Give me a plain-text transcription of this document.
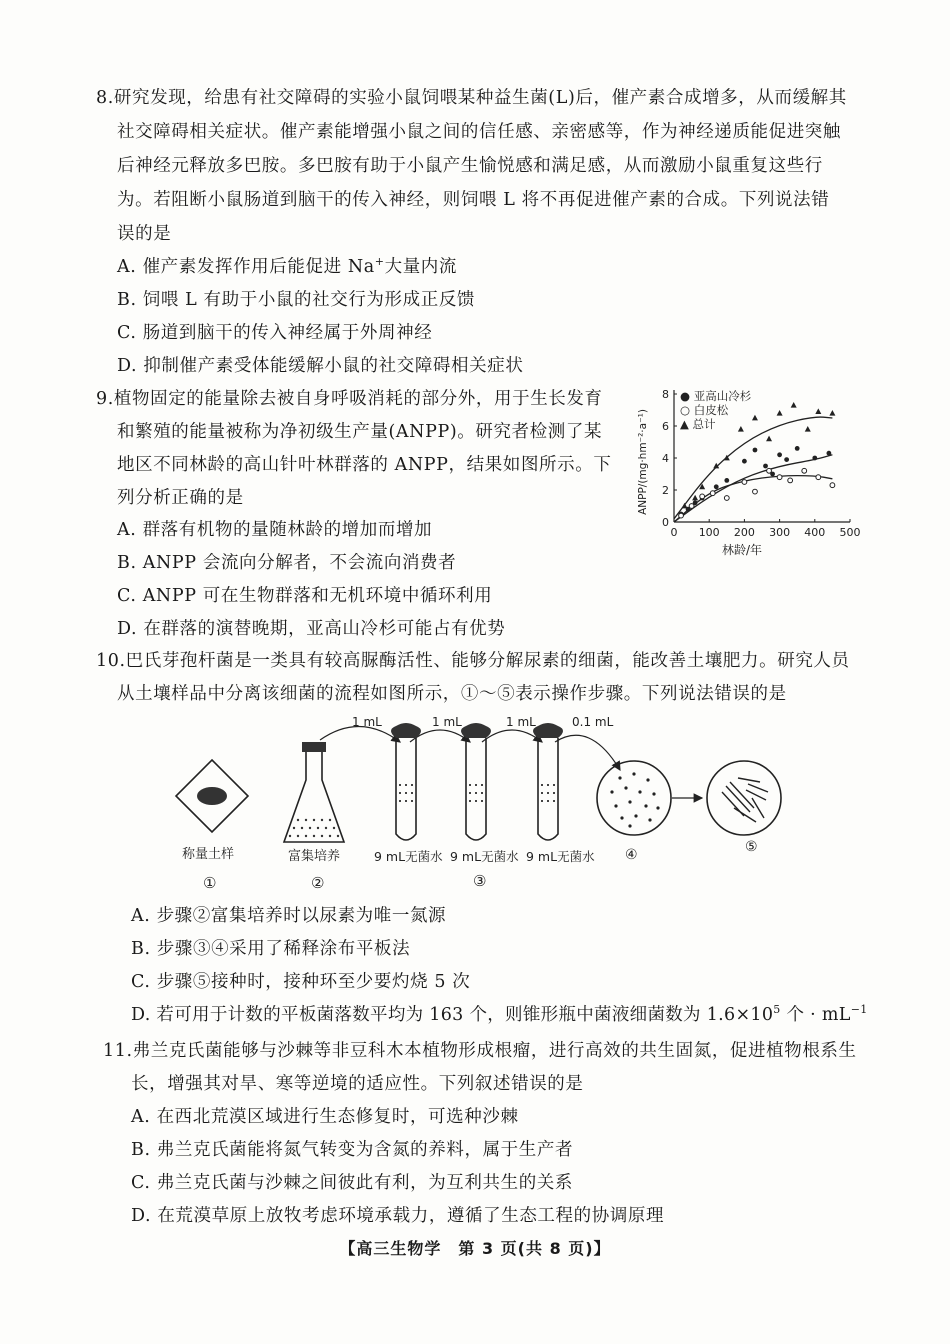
8.研究发现，给患有社交障碍的实验小鼠饲喂某种益生菌(L)后，催产素合成增多，从而缓解其
社交障碍相关症状。催产素能增强小鼠之间的信任感、亲密感等，作为神经递质能促进突触
后神经元释放多巴胺。多巴胺有助于小鼠产生愉悦感和满足感，从而激励小鼠重复这些行
为。若阻断小鼠肠道到脑干的传入神经，则饲喂 L 将不再促进催产素的合成。下列说法错
误的是
A. 催产素发挥作用后能促进 Na+大量内流
B. 饲喂 L 有助于小鼠的社交行为形成正反馈
C. 肠道到脑干的传入神经属于外周神经
D. 抑制催产素受体能缓解小鼠的社交障碍相关症状
9.植物固定的能量除去被自身呼吸消耗的部分外，用于生长发育
和繁殖的能量被称为净初级生产量(ANPP)。研究者检测了某
地区不同林龄的高山针叶林群落的 ANPP，结果如图所示。下
列分析正确的是
A. 群落有机物的量随林龄的增加而增加
B. ANPP 会流向分解者，不会流向消费者
C. ANPP 可在生物群落和无机环境中循环利用
D. 在群落的演替晚期，亚高山冷杉可能占有优势
0 100 200 300 400 500
0
2
4
6
8
林龄/年
ANPP/(mg·hm⁻²·a⁻¹)
● 亚高山冷杉
○ 白皮松
▲ 总计
10.巴氏芽孢杆菌是一类具有较高脲酶活性、能够分解尿素的细菌，能改善土壤肥力。研究人员
从土壤样品中分离该细菌的流程如图所示，①～⑤表示操作步骤。下列说法错误的是
1 mL	1 mL	1 mL	0.1 mL
称量土样	富集培养	9 mL无菌水 9 mL无菌水 9 mL无菌水 ④	⑤
①	②	③
A. 步骤②富集培养时以尿素为唯一氮源
B. 步骤③④采用了稀释涂布平板法
C. 步骤⑤接种时，接种环至少要灼烧 5 次
D. 若可用于计数的平板菌落数平均为 163 个，则锥形瓶中菌液细菌数为 $1.6\times 10^5$ 个 · $mL^{-1}$
11.弗兰克氏菌能够与沙棘等非豆科木本植物形成根瘤，进行高效的共生固氮，促进植物根系生
长，增强其对旱、寒等逆境的适应性。下列叙述错误的是
A. 在西北荒漠区域进行生态修复时，可选种沙棘
B. 弗兰克氏菌能将氮气转变为含氮的养料，属于生产者
C. 弗兰克氏菌与沙棘之间彼此有利，为互利共生的关系
D. 在荒漠草原上放牧考虑环境承载力，遵循了生态工程的协调原理
【高三生物学　第 3 页(共 8 页)】
